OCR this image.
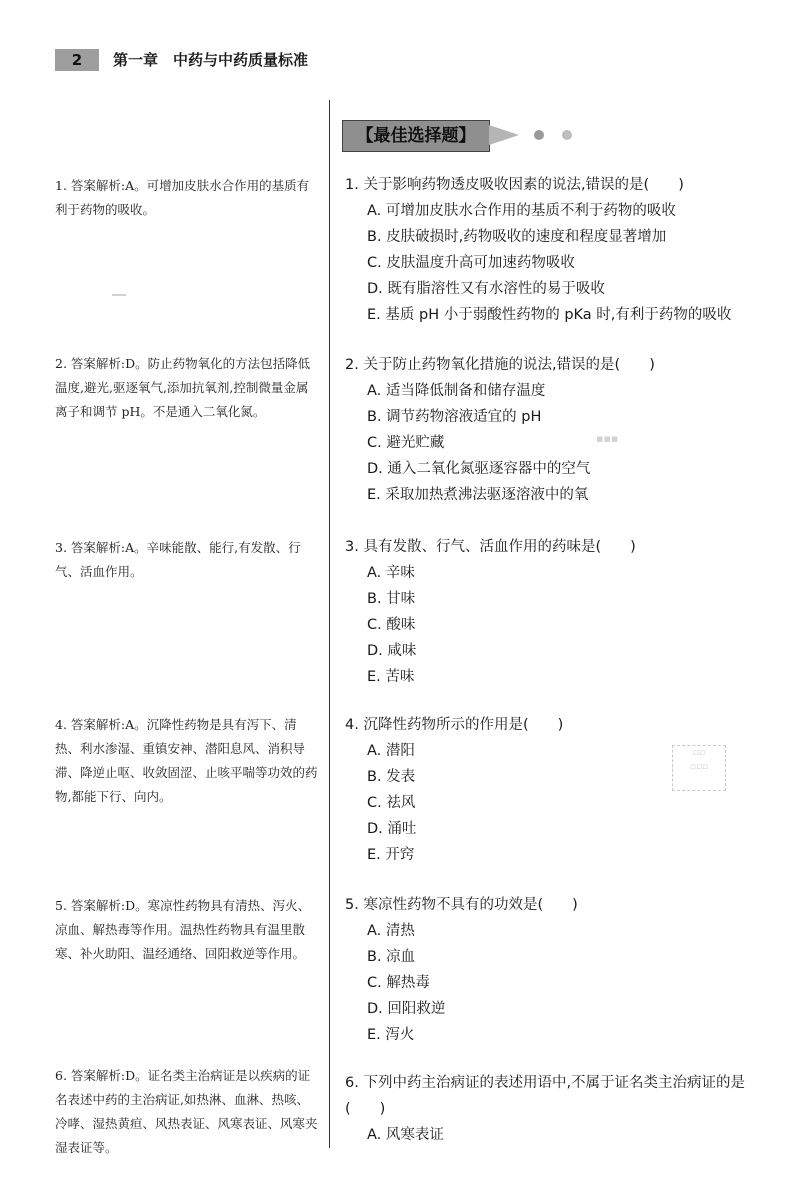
2	第一章　中药与中药质量标准
▪▪▪
▫▫
▫▫▫
【最佳选择题】
1. 答案解析:A。可增加皮肤水合作用的基质有利于药物的吸收。
2. 答案解析:D。防止药物氧化的方法包括降低温度,避光,驱逐氧气,添加抗氧剂,控制微量金属离子和调节 pH。不是通入二氧化氮。
3. 答案解析:A。辛味能散、能行,有发散、行气、活血作用。
4. 答案解析:A。沉降性药物是具有泻下、清热、利水渗湿、重镇安神、潜阳息风、消积导滞、降逆止呕、收敛固涩、止咳平喘等功效的药物,都能下行、向内。
5. 答案解析:D。寒凉性药物具有清热、泻火、凉血、解热毒等作用。温热性药物具有温里散寒、补火助阳、温经通络、回阳救逆等作用。
6. 答案解析:D。证名类主治病证是以疾病的证名表述中药的主治病证,如热淋、血淋、热咳、冷哮、湿热黄疸、风热表证、风寒表证、风寒夹湿表证等。
1. 关于影响药物透皮吸收因素的说法,错误的是(　　)
A. 可增加皮肤水合作用的基质不利于药物的吸收
B. 皮肤破损时,药物吸收的速度和程度显著增加
C. 皮肤温度升高可加速药物吸收
D. 既有脂溶性又有水溶性的易于吸收
E. 基质 pH 小于弱酸性药物的 pKa 时,有利于药物的吸收
2. 关于防止药物氧化措施的说法,错误的是(　　)
A. 适当降低制备和储存温度
B. 调节药物溶液适宜的 pH
C. 避光贮藏
D. 通入二氧化氮驱逐容器中的空气
E. 采取加热煮沸法驱逐溶液中的氧
3. 具有发散、行气、活血作用的药味是(　　)
A. 辛味
B. 甘味
C. 酸味
D. 咸味
E. 苦味
4. 沉降性药物所示的作用是(　　)
A. 潜阳
B. 发表
C. 祛风
D. 涌吐
E. 开窍
5. 寒凉性药物不具有的功效是(　　)
A. 清热
B. 凉血
C. 解热毒
D. 回阳救逆
E. 泻火
6. 下列中药主治病证的表述用语中,不属于证名类主治病证的是(　　)
A. 风寒表证
